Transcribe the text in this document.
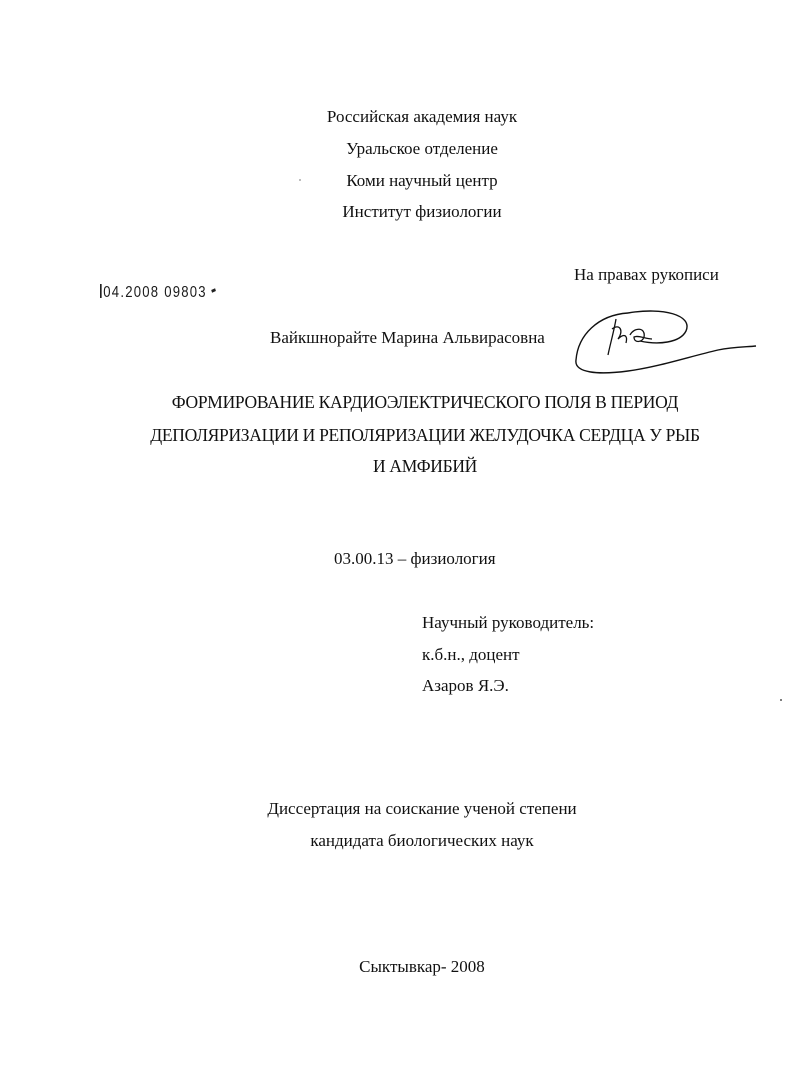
Российская академия наук
Уральское отделение
Коми научный центр
Институт физиологии
На правах рукописи
04.2008 09803
Вайкшнорайте Марина Альвирасовна
ФОРМИРОВАНИЕ КАРДИОЭЛЕКТРИЧЕСКОГО ПОЛЯ В ПЕРИОД
ДЕПОЛЯРИЗАЦИИ И РЕПОЛЯРИЗАЦИИ ЖЕЛУДОЧКА СЕРДЦА У РЫБ
И АМФИБИЙ
03.00.13 – физиология
Научный руководитель:
к.б.н., доцент
Азаров Я.Э.
Диссертация на соискание ученой степени
кандидата биологических наук
Сыктывкар- 2008
